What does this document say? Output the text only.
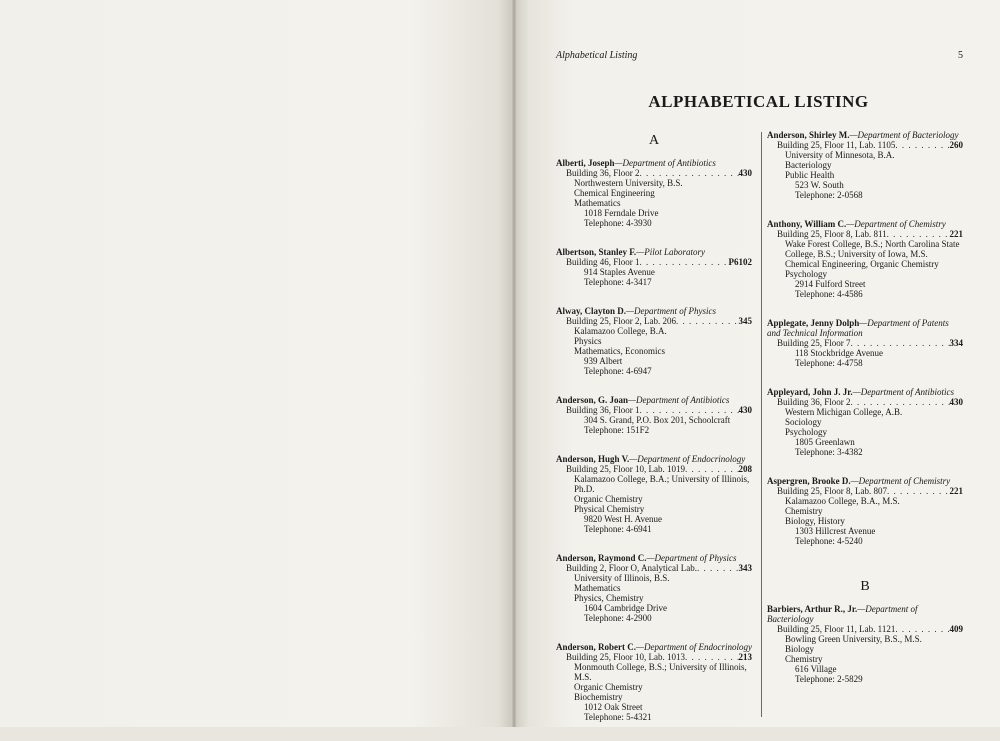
Alphabetical Listing	5
ALPHABETICAL LISTING
A
Alberti, Joseph—Department of Antibiotics
Building 36, Floor 2 . . .	430
Northwestern University, B.S.
Chemical Engineering
Mathematics
1018 Ferndale Drive
Telephone: 4-3930
Albertson, Stanley F.—Pilot Laboratory
Building 46, Floor 1 . . .	P6102
914 Staples Avenue
Telephone: 4-3417
Alway, Clayton D.—Department of Physics
Building 25, Floor 2, Lab. 206 . . .	345
Kalamazoo College, B.A.
Physics
Mathematics, Economics
939 Albert
Telephone: 4-6947
Anderson, G. Joan—Department of Antibiotics
Building 36, Floor 1 . . .	430
304 S. Grand, P.O. Box 201, Schoolcraft
Telephone: 151F2
Anderson, Hugh V.—Department of Endocrinology
Building 25, Floor 10, Lab. 1019 . . .	208
Kalamazoo College, B.A.; University of Illinois, Ph.D.
Organic Chemistry
Physical Chemistry
9820 West H. Avenue
Telephone: 4-6941
Anderson, Raymond C.—Department of Physics
Building 2, Floor O, Analytical Lab. . . .	343
University of Illinois, B.S.
Mathematics
Physics, Chemistry
1604 Cambridge Drive
Telephone: 4-2900
Anderson, Robert C.—Department of Endocrinology
Building 25, Floor 10, Lab. 1013 . . .	213
Monmouth College, B.S.; University of Illinois, M.S.
Organic Chemistry
Biochemistry
1012 Oak Street
Telephone: 5-4321
Anderson, Shirley M.—Department of Bacteriology
Building 25, Floor 11, Lab. 1105 . . .	260
University of Minnesota, B.A.
Bacteriology
Public Health
523 W. South
Telephone: 2-0568
Anthony, William C.—Department of Chemistry
Building 25, Floor 8, Lab. 811 . . .	221
Wake Forest College, B.S.; North Carolina State College, B.S.; University of Iowa, M.S.
Chemical Engineering, Organic Chemistry
Psychology
2914 Fulford Street
Telephone: 4-4586
Applegate, Jenny Dolph—Department of Patents and Technical Information
Building 25, Floor 7 . . .	334
118 Stockbridge Avenue
Telephone: 4-4758
Appleyard, John J. Jr.—Department of Antibiotics
Building 36, Floor 2 . . .	430
Western Michigan College, A.B.
Sociology
Psychology
1805 Greenlawn
Telephone: 3-4382
Aspergren, Brooke D.—Department of Chemistry
Building 25, Floor 8, Lab. 807 . . .	221
Kalamazoo College, B.A., M.S.
Chemistry
Biology, History
1303 Hillcrest Avenue
Telephone: 4-5240
B
Barbiers, Arthur R., Jr.—Department of Bacteriology
Building 25, Floor 11, Lab. 1121 . . .	409
Bowling Green University, B.S., M.S.
Biology
Chemistry
616 Village
Telephone: 2-5829
